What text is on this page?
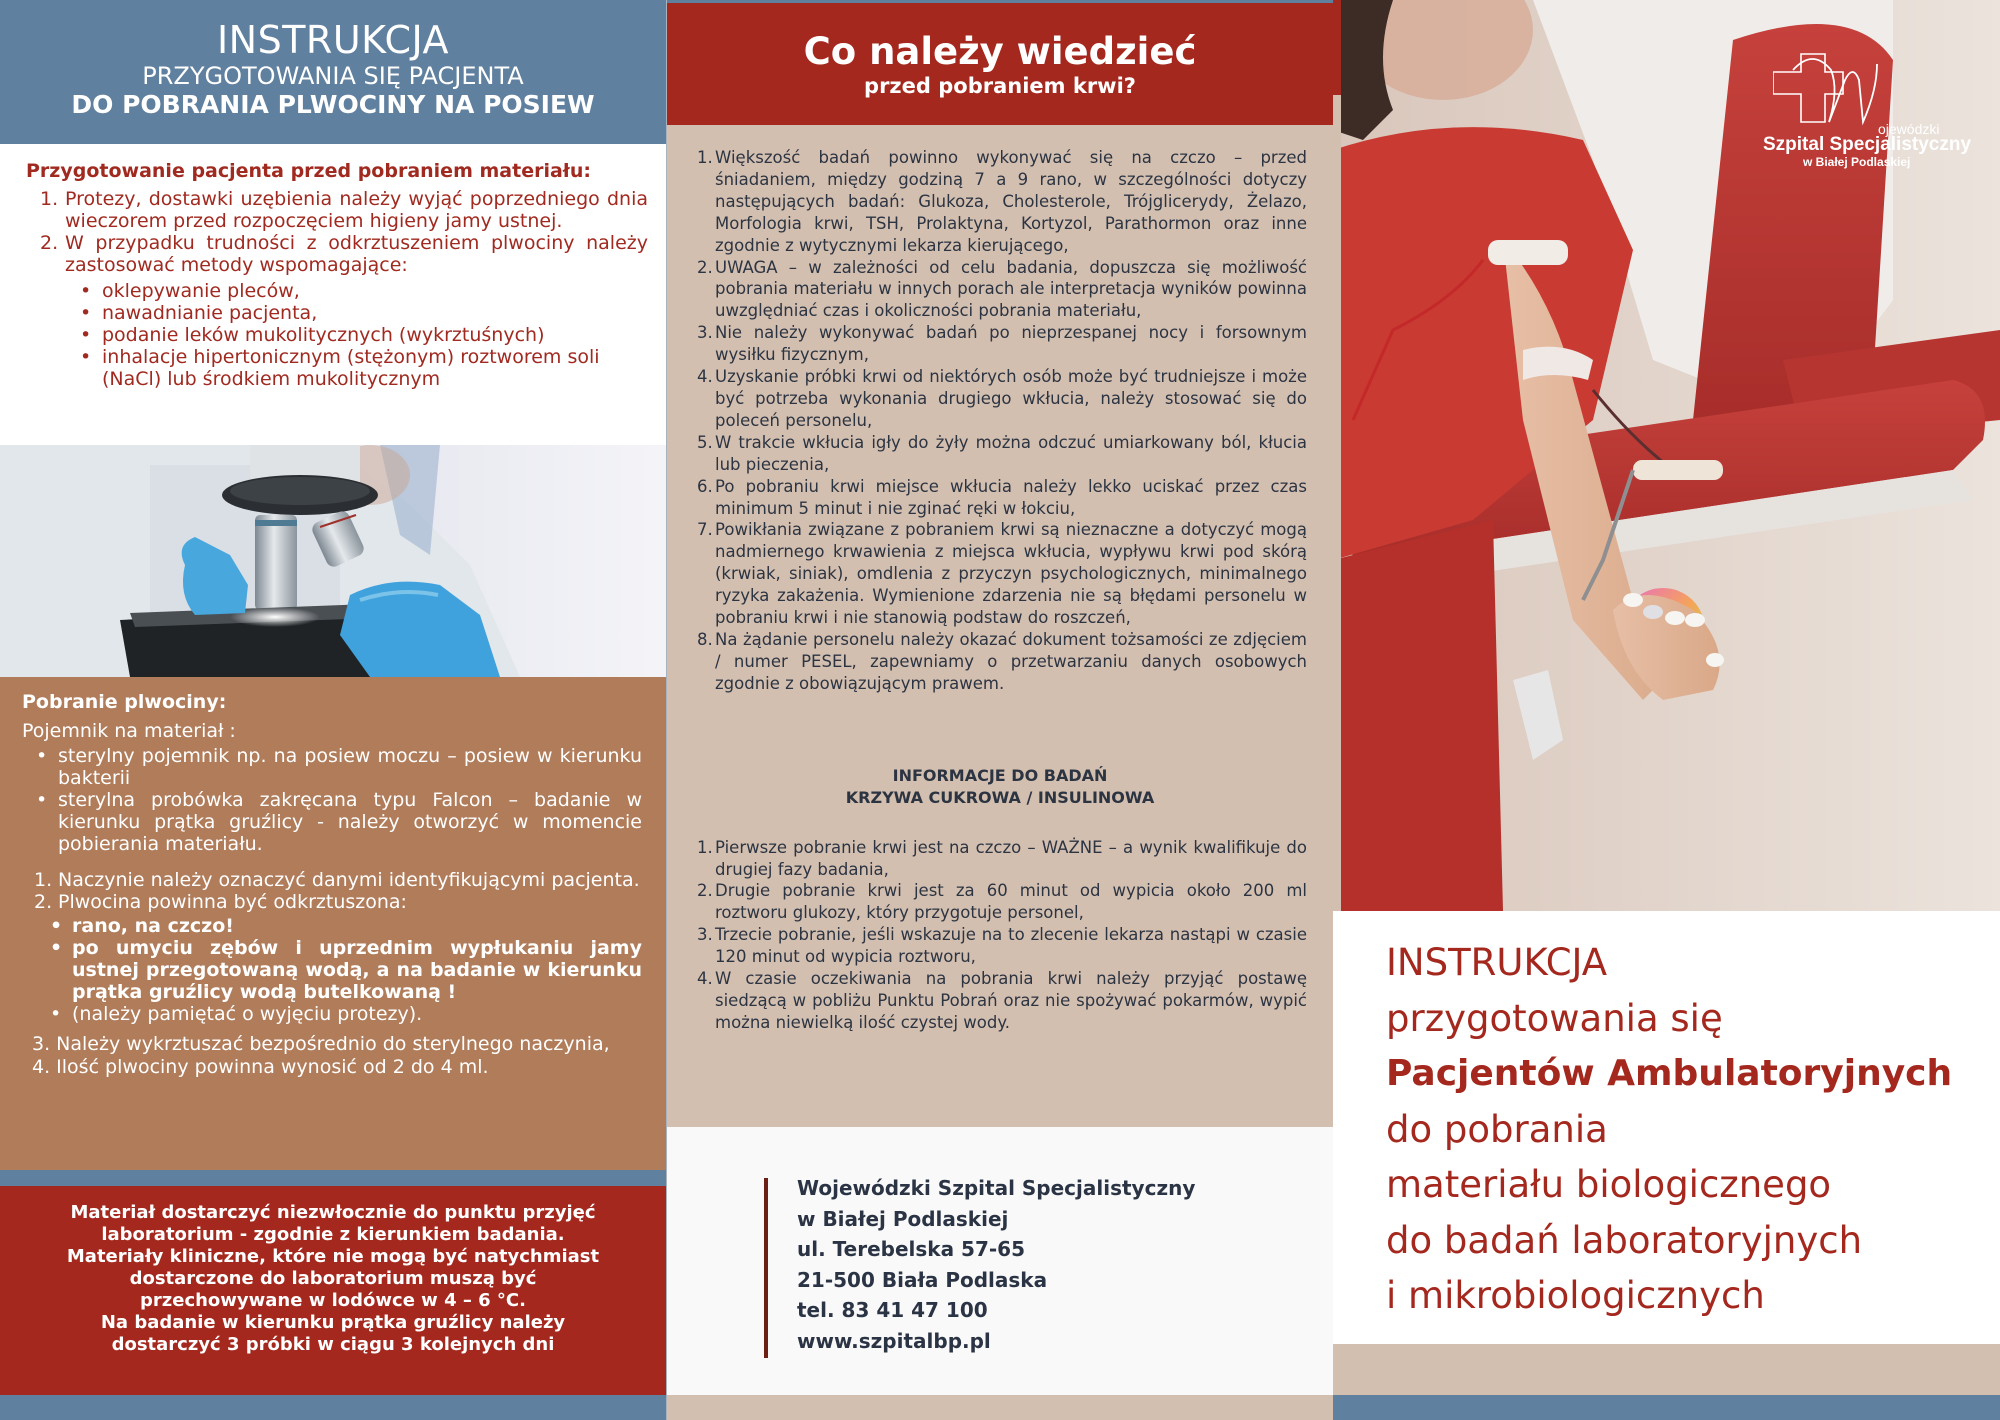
INSTRUKCJA
PRZYGOTOWANIA SIĘ PACJENTA
DO POBRANIA PLWOCINY NA POSIEW
Przygotowanie pacjenta przed pobraniem materiału:
1. Protezy, dostawki uzębienia należy wyjąć poprzedniego dnia wieczorem przed rozpoczęciem higieny jamy ustnej.
2. W przypadku trudności z odkrztuszeniem plwociny należy zastosować metody wspomagające:
• oklepywanie pleców,
• nawadnianie pacjenta,
• podanie leków mukolitycznych (wykrztuśnych)
• inhalacje hipertonicznym (stężonym) roztworem soli (NaCl) lub środkiem mukolitycznym
Pobranie plwociny:
Pojemnik na materiał :
• sterylny pojemnik np. na posiew moczu – posiew w kierunku bakterii
• sterylna probówka zakręcana typu Falcon – badanie w kierunku prątka gruźlicy - należy otworzyć w momencie pobierania materiału.
1. Naczynie należy oznaczyć danymi identyfikującymi pacjenta.
2. Plwocina powinna być odkrztuszona:
• rano, na czczo!
• po umyciu zębów i uprzednim wypłukaniu jamy ustnej przegotowaną wodą, a na badanie w kierunku prątka gruźlicy wodą butelkowaną !
• (należy pamiętać o wyjęciu protezy).
3. Należy wykrztuszać bezpośrednio do sterylnego naczynia,
4. Ilość plwociny powinna wynosić od 2 do 4 ml.
Materiał dostarczyć niezwłocznie do punktu przyjęć
laboratorium - zgodnie z kierunkiem badania.
Materiały kliniczne, które nie mogą być natychmiast
dostarczone do laboratorium muszą być
przechowywane w lodówce w 4 – 6 °C.
Na badanie w kierunku prątka gruźlicy należy
dostarczyć 3 próbki w ciągu 3 kolejnych dni
Co należy wiedzieć
przed pobraniem krwi?
1. Większość badań powinno wykonywać się na czczo – przed śniadaniem, między godziną 7 a 9 rano, w szczególności dotyczy następujących badań: Glukoza, Cholesterole, Trójglicerydy, Żelazo, Morfologia krwi, TSH, Prolaktyna, Kortyzol, Parathormon oraz inne zgodnie z wytycznymi lekarza kierującego,
2. UWAGA – w zależności od celu badania, dopuszcza się możliwość pobrania materiału w innych porach ale interpretacja wyników powinna uwzględniać czas i okoliczności pobrania materiału,
3. Nie należy wykonywać badań po nieprzespanej nocy i forsownym wysiłku fizycznym,
4. Uzyskanie próbki krwi od niektórych osób może być trudniejsze i może być potrzeba wykonania drugiego wkłucia, należy stosować się do poleceń personelu,
5. W trakcie wkłucia igły do żyły można odczuć umiarkowany ból, kłucia lub pieczenia,
6. Po pobraniu krwi miejsce wkłucia należy lekko uciskać przez czas minimum 5 minut i nie zginać ręki w łokciu,
7. Powikłania związane z pobraniem krwi są nieznaczne a dotyczyć mogą nadmiernego krwawienia z miejsca wkłucia, wypływu krwi pod skórą (krwiak, siniak), omdlenia z przyczyn psychologicznych, minimalnego ryzyka zakażenia. Wymienione zdarzenia nie są błędami personelu w pobraniu krwi i nie stanowią podstaw do roszczeń,
8. Na żądanie personelu należy okazać dokument tożsamości ze zdjęciem / numer PESEL, zapewniamy o przetwarzaniu danych osobowych zgodnie z obowiązującym prawem.
INFORMACJE DO BADAŃ
KRZYWA CUKROWA / INSULINOWA
1. Pierwsze pobranie krwi jest na czczo – WAŻNE – a wynik kwalifikuje do drugiej fazy badania,
2. Drugie pobranie krwi jest za 60 minut od wypicia około 200 ml roztworu glukozy, który przygotuje personel,
3. Trzecie pobranie, jeśli wskazuje na to zlecenie lekarza nastąpi w czasie 120 minut od wypicia roztworu,
4. W czasie oczekiwania na pobrania krwi należy przyjąć postawę siedzącą w pobliżu Punktu Pobrań oraz nie spożywać pokarmów, wypić można niewielką ilość czystej wody.
Wojewódzki Szpital Specjalistyczny
w Białej Podlaskiej
ul. Terebelska 57-65
21-500 Biała Podlaska
tel. 83 41 47 100
www.szpitalbp.pl
ojewódzki
Szpital Specjalistyczny
w Białej Podlaskiej
INSTRUKCJA
przygotowania się
Pacjentów Ambulatoryjnych
do pobrania
materiału biologicznego
do badań laboratoryjnych
i mikrobiologicznych
